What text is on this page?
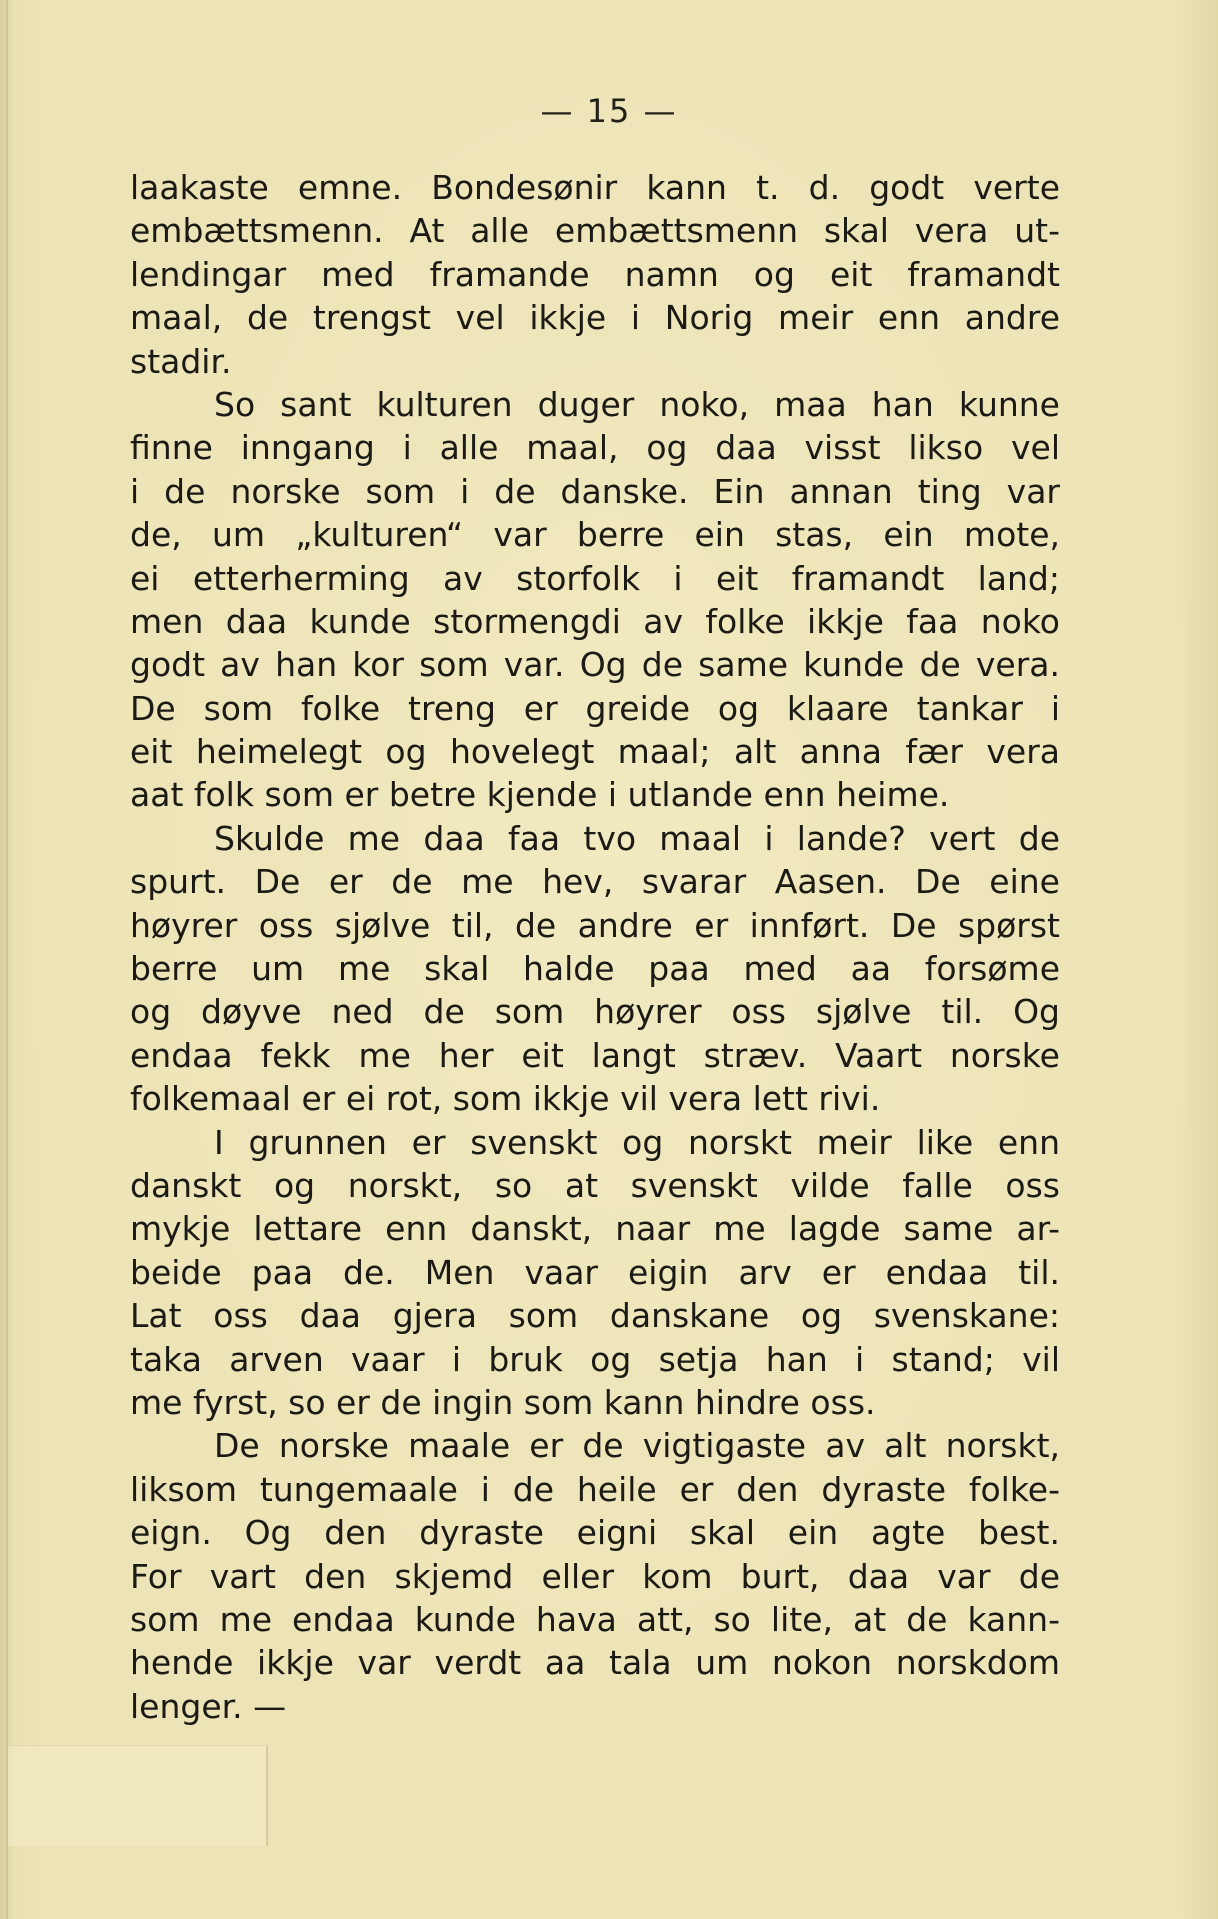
— 15 —
laakaste emne. Bondesønir kann t. d. godt verte
embættsmenn. At alle embættsmenn skal vera ut-
lendingar med framande namn og eit framandt
maal, de trengst vel ikkje i Norig meir enn andre
stadir.
So sant kulturen duger noko, maa han kunne
finne inngang i alle maal, og daa visst likso vel
i de norske som i de danske. Ein annan ting var
de, um „kulturen“ var berre ein stas, ein mote,
ei etterherming av storfolk i eit framandt land;
men daa kunde stormengdi av folke ikkje faa noko
godt av han kor som var. Og de same kunde de vera.
De som folke treng er greide og klaare tankar i
eit heimelegt og hovelegt maal; alt anna fær vera
aat folk som er betre kjende i utlande enn heime.
Skulde me daa faa tvo maal i lande? vert de
spurt. De er de me hev, svarar Aasen. De eine
høyrer oss sjølve til, de andre er innført. De spørst
berre um me skal halde paa med aa forsøme
og døyve ned de som høyrer oss sjølve til. Og
endaa fekk me her eit langt stræv. Vaart norske
folkemaal er ei rot, som ikkje vil vera lett rivi.
I grunnen er svenskt og norskt meir like enn
danskt og norskt, so at svenskt vilde falle oss
mykje lettare enn danskt, naar me lagde same ar-
beide paa de. Men vaar eigin arv er endaa til.
Lat oss daa gjera som danskane og svenskane:
taka arven vaar i bruk og setja han i stand; vil
me fyrst, so er de ingin som kann hindre oss.
De norske maale er de vigtigaste av alt norskt,
liksom tungemaale i de heile er den dyraste folke-
eign. Og den dyraste eigni skal ein agte best.
For vart den skjemd eller kom burt, daa var de
som me endaa kunde hava att, so lite, at de kann-
hende ikkje var verdt aa tala um nokon norskdom
lenger. —
